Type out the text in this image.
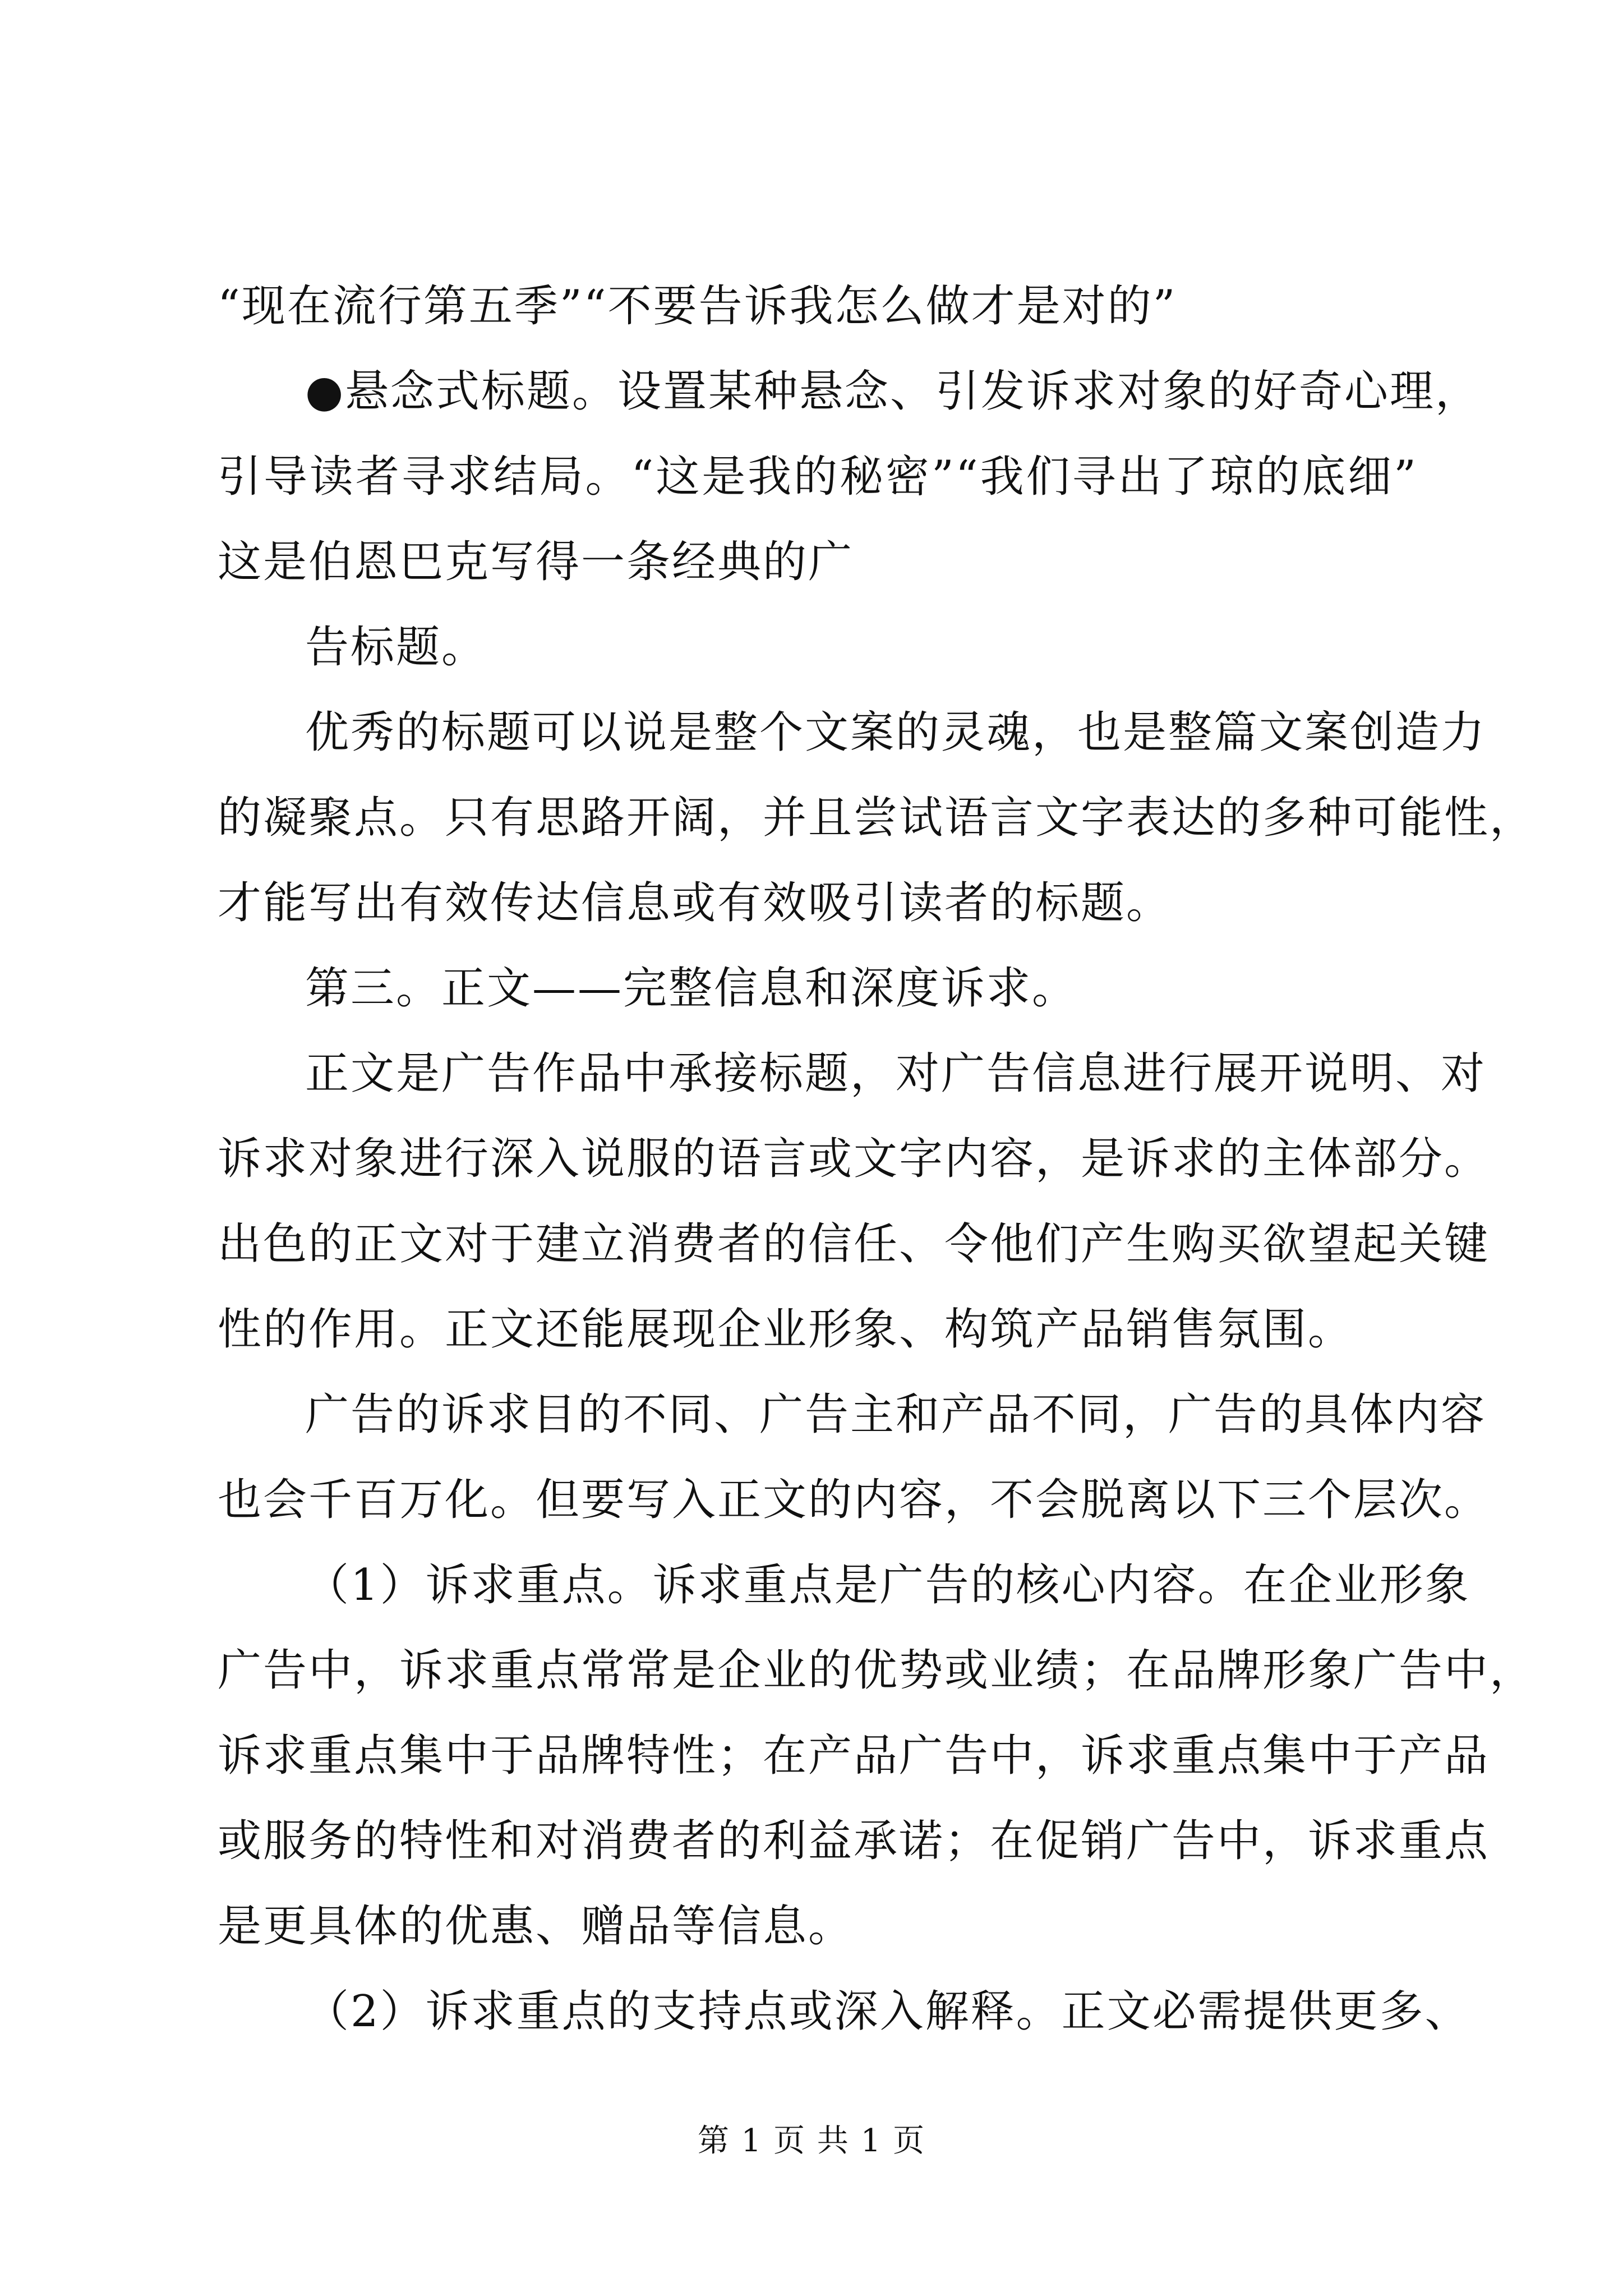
“现在流行第五季”“不要告诉我怎么做才是对的”
●悬念式标题。设置某种悬念、引发诉求对象的好奇心理，
引导读者寻求结局。“这是我的秘密”“我们寻出了琼的底细”
这是伯恩巴克写得一条经典的广
告标题。
优秀的标题可以说是整个文案的灵魂，也是整篇文案创造力
的凝聚点。只有思路开阔，并且尝试语言文字表达的多种可能性，
才能写出有效传达信息或有效吸引读者的标题。
第三。正文——完整信息和深度诉求。
正文是广告作品中承接标题，对广告信息进行展开说明、对
诉求对象进行深入说服的语言或文字内容，是诉求的主体部分。
出色的正文对于建立消费者的信任、令他们产生购买欲望起关键
性的作用。正文还能展现企业形象、构筑产品销售氛围。
广告的诉求目的不同、广告主和产品不同，广告的具体内容
也会千百万化。但要写入正文的内容，不会脱离以下三个层次。
（1）诉求重点。诉求重点是广告的核心内容。在企业形象
广告中，诉求重点常常是企业的优势或业绩；在品牌形象广告中，
诉求重点集中于品牌特性；在产品广告中，诉求重点集中于产品
或服务的特性和对消费者的利益承诺；在促销广告中，诉求重点
是更具体的优惠、赠品等信息。
（2）诉求重点的支持点或深入解释。正文必需提供更多、
第 1 页 共 1 页
